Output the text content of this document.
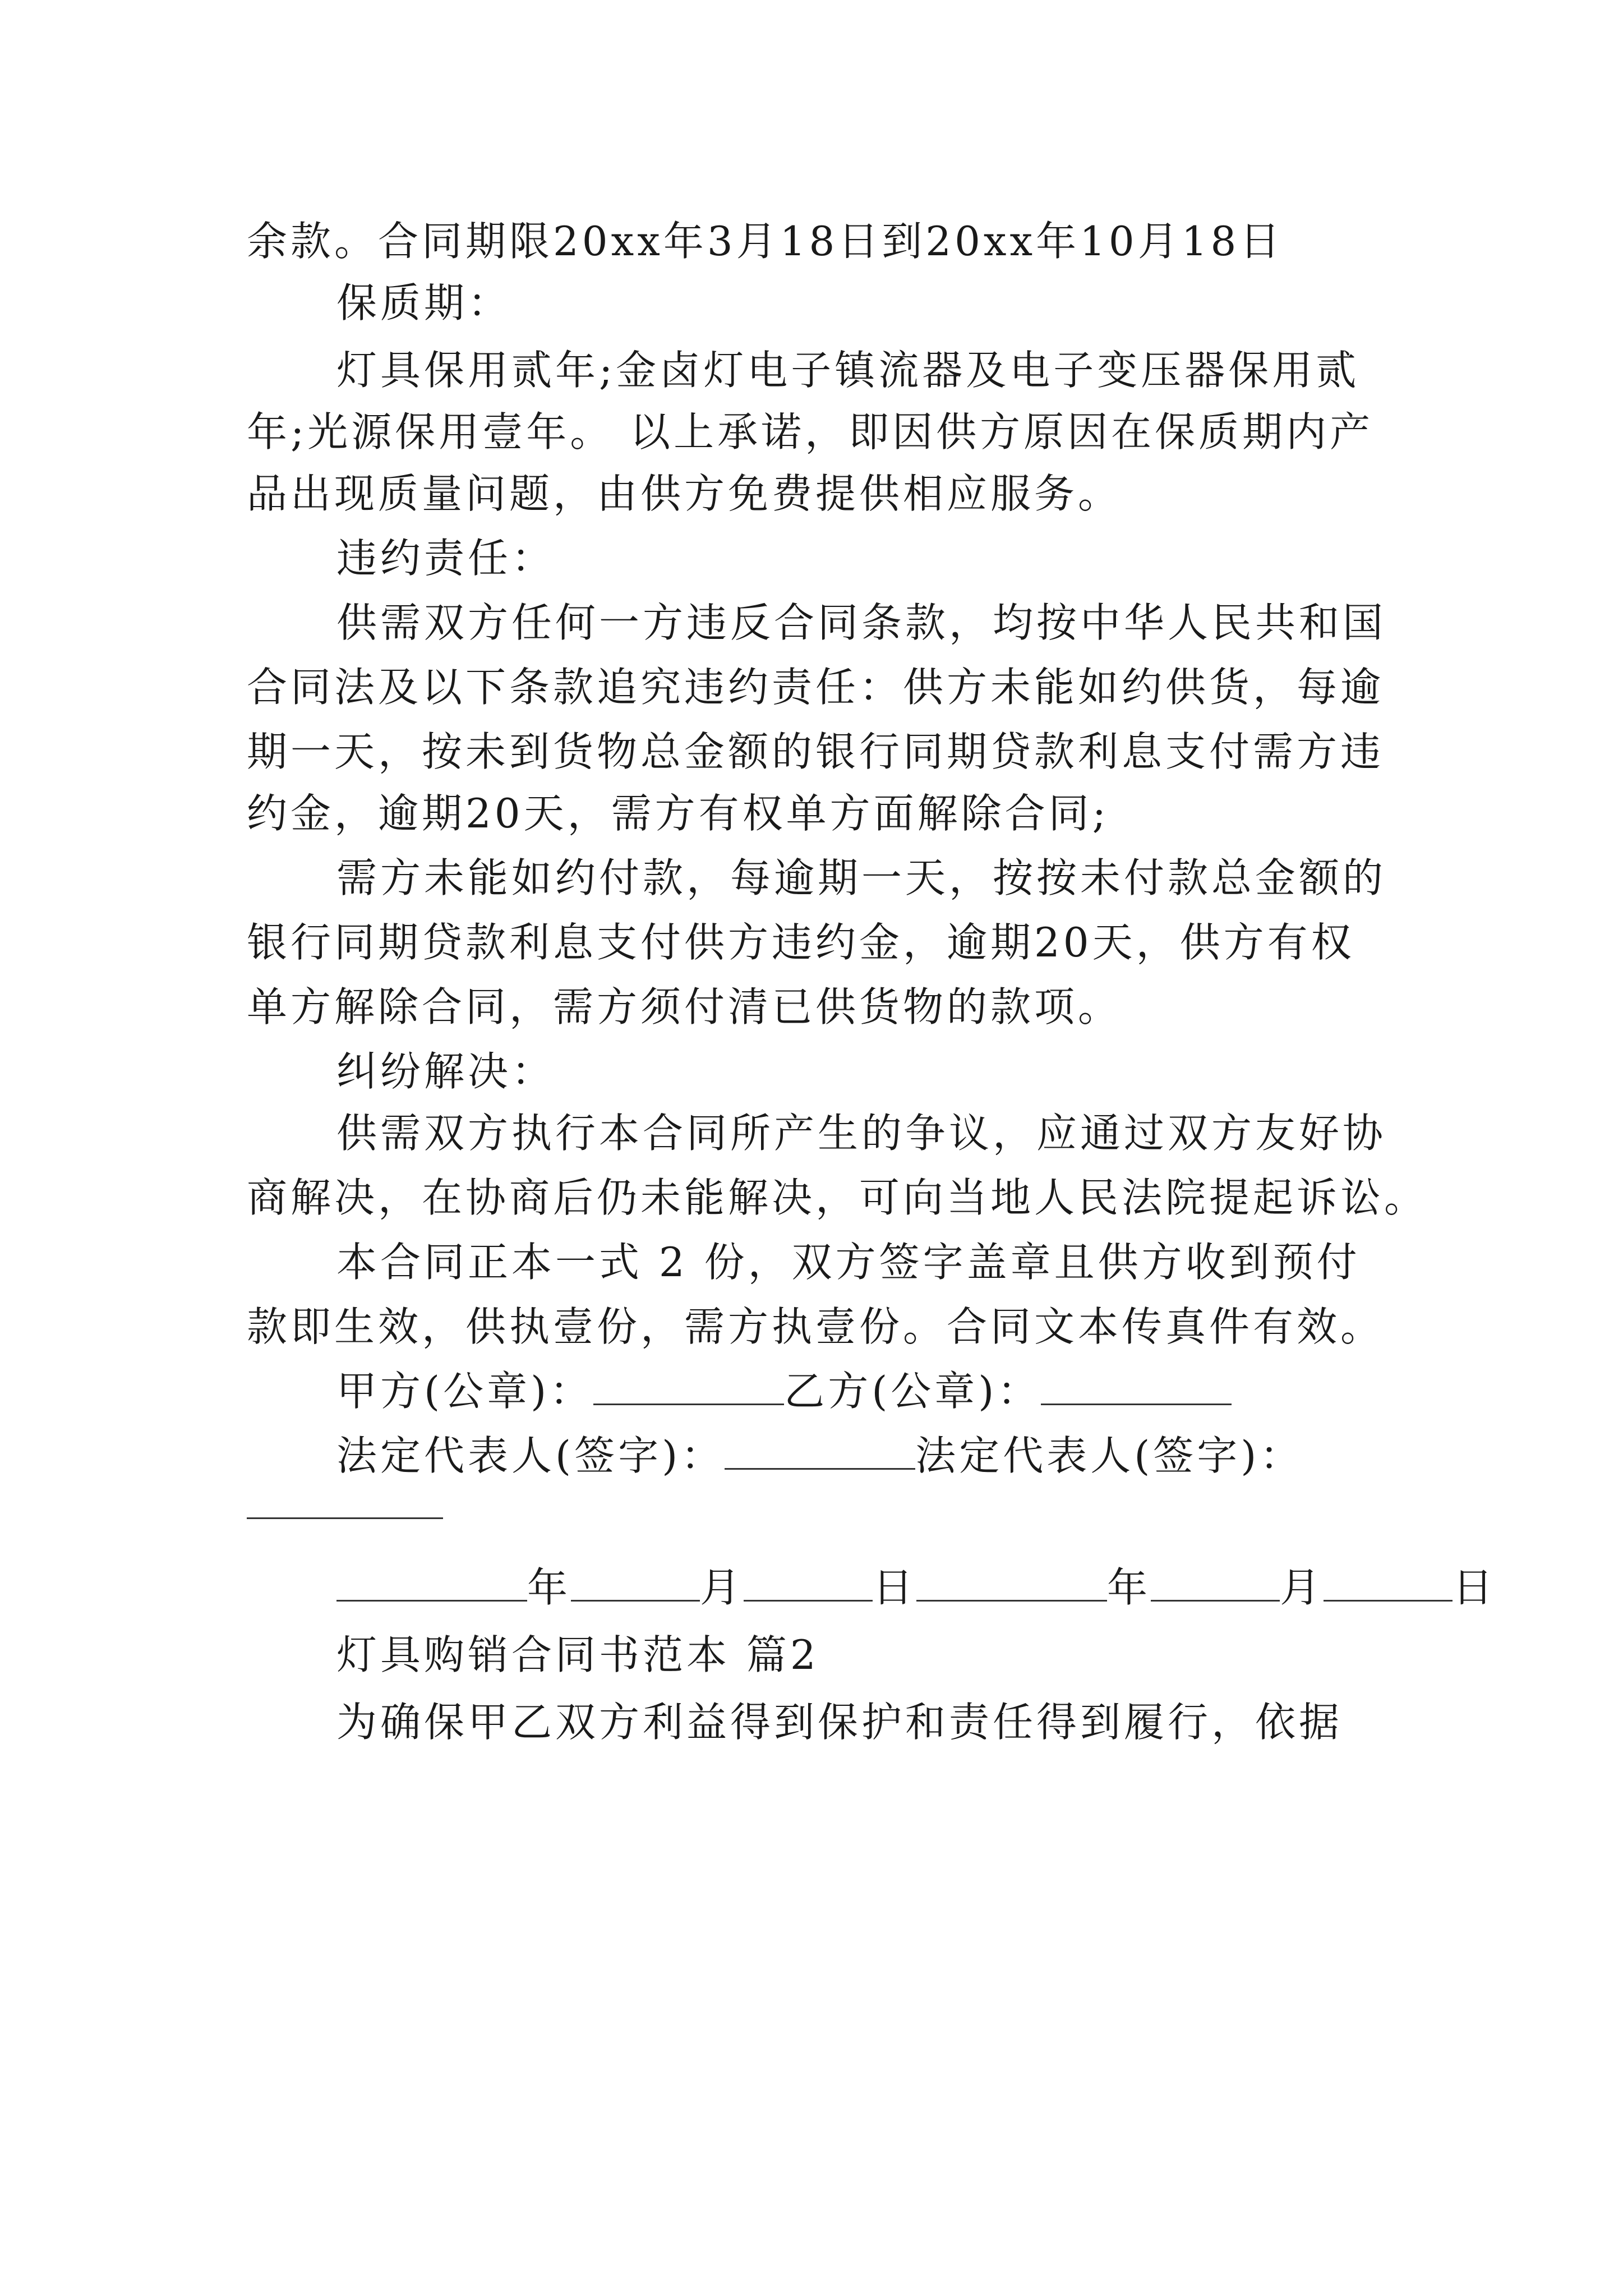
余款。合同期限20xx年3月18日到20xx年10月18日
保质期：
灯具保用贰年;金卤灯电子镇流器及电子变压器保用贰
年;光源保用壹年。 以上承诺，即因供方原因在保质期内产
品出现质量问题，由供方免费提供相应服务。
违约责任：
供需双方任何一方违反合同条款，均按中华人民共和国
合同法及以下条款追究违约责任：供方未能如约供货，每逾
期一天，按未到货物总金额的银行同期贷款利息支付需方违
约金，逾期20天，需方有权单方面解除合同;
需方未能如约付款，每逾期一天，按按未付款总金额的
银行同期贷款利息支付供方违约金，逾期20天，供方有权
单方解除合同，需方须付清已供货物的款项。
纠纷解决：
供需双方执行本合同所产生的争议，应通过双方友好协
商解决，在协商后仍未能解决，可向当地人民法院提起诉讼。
本合同正本一式 2 份，双方签字盖章且供方收到预付
款即生效，供执壹份，需方执壹份。合同文本传真件有效。
甲方(公章)：	乙方(公章)：
法定代表人(签字)：	法定代表人(签字)：
年	月	日	年	月	日
灯具购销合同书范本 篇2
为确保甲乙双方利益得到保护和责任得到履行，依据
